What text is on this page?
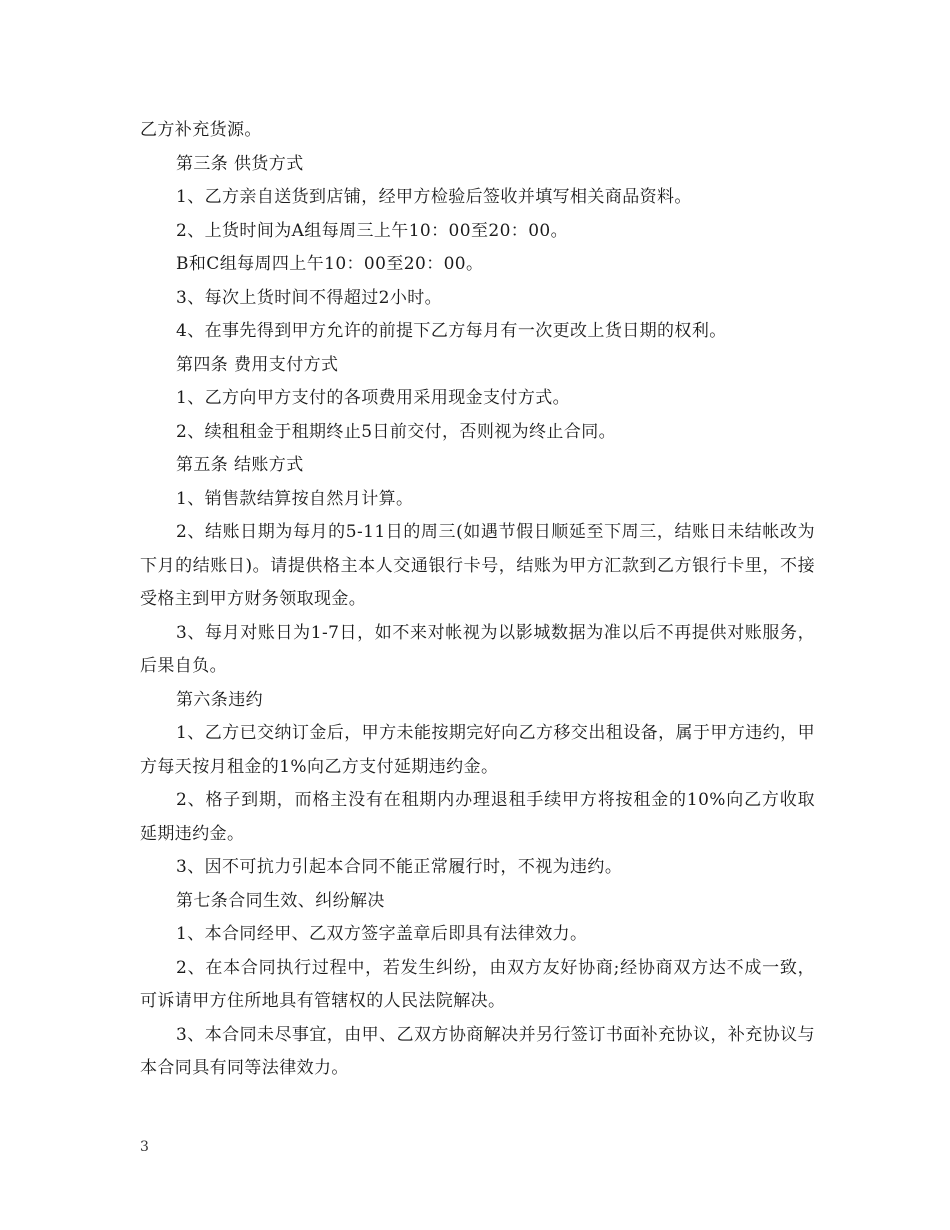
乙方补充货源。

第三条 供货方式

1、乙方亲自送货到店铺，经甲方检验后签收并填写相关商品资料。

2、上货时间为A组每周三上午10：00至20：00。

B和C组每周四上午10：00至20：00。

3、每次上货时间不得超过2小时。

4、在事先得到甲方允许的前提下乙方每月有一次更改上货日期的权利。

第四条 费用支付方式

1、乙方向甲方支付的各项费用采用现金支付方式。

2、续租租金于租期终止5日前交付，否则视为终止合同。

第五条 结账方式

1、销售款结算按自然月计算。

2、结账日期为每月的5-11日的周三(如遇节假日顺延至下周三，结账日未结帐改为下月的结账日)。请提供格主本人交通银行卡号，结账为甲方汇款到乙方银行卡里，不接受格主到甲方财务领取现金。

3、每月对账日为1-7日，如不来对帐视为以影城数据为准以后不再提供对账服务，后果自负。

第六条违约

1、乙方已交纳订金后，甲方未能按期完好向乙方移交出租设备，属于甲方违约，甲方每天按月租金的1%向乙方支付延期违约金。

2、格子到期，而格主没有在租期内办理退租手续甲方将按租金的10%向乙方收取延期违约金。

3、因不可抗力引起本合同不能正常履行时，不视为违约。

第七条合同生效、纠纷解决

1、本合同经甲、乙双方签字盖章后即具有法律效力。

2、在本合同执行过程中，若发生纠纷，由双方友好协商;经协商双方达不成一致，可诉请甲方住所地具有管辖权的人民法院解决。

3、本合同未尽事宜，由甲、乙双方协商解决并另行签订书面补充协议，补充协议与本合同具有同等法律效力。

3
